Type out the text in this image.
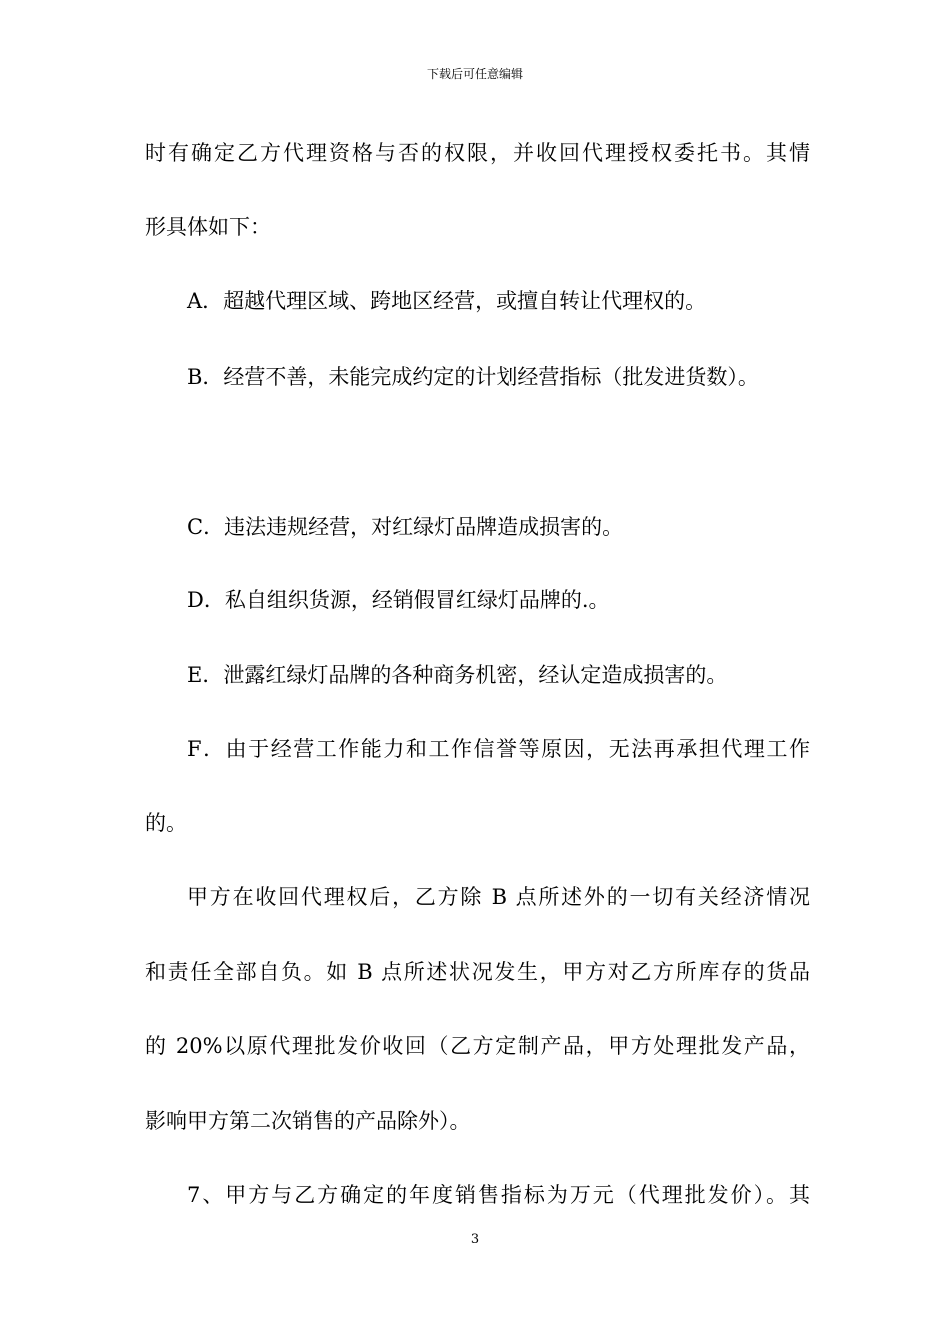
下载后可任意编辑
时有确定乙方代理资格与否的权限，并收回代理授权委托书。其情
形具体如下：
A．超越代理区域、跨地区经营，或擅自转让代理权的。
B．经营不善，未能完成约定的计划经营指标（批发进货数）。
C．违法违规经营，对红绿灯品牌造成损害的。
D．私自组织货源，经销假冒红绿灯品牌的.。
E．泄露红绿灯品牌的各种商务机密，经认定造成损害的。
F．由于经营工作能力和工作信誉等原因，无法再承担代理工作
的。
甲方在收回代理权后，乙方除 B 点所述外的一切有关经济情况
和责任全部自负。如 B 点所述状况发生，甲方对乙方所库存的货品
的 20%以原代理批发价收回（乙方定制产品，甲方处理批发产品，
影响甲方第二次销售的产品除外）。
7、甲方与乙方确定的年度销售指标为万元（代理批发价）。其
3
